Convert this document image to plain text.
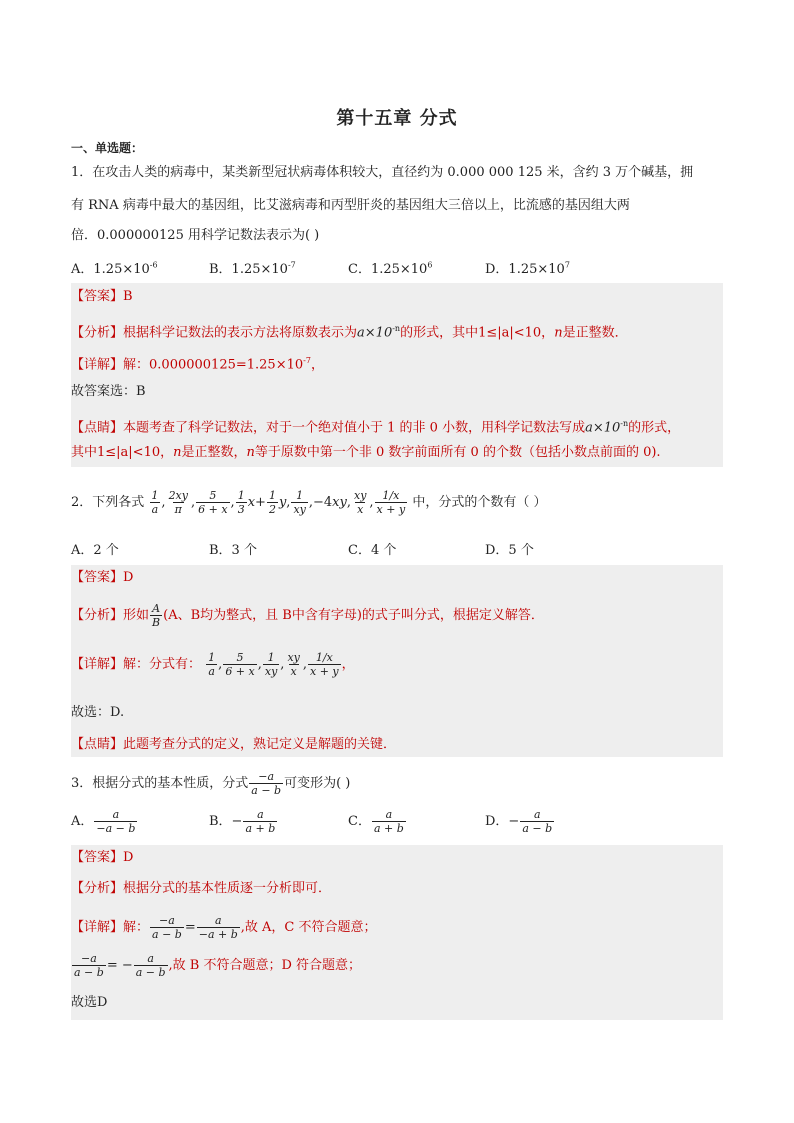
第十五章 分式
一、单选题：
1．在攻击人类的病毒中，某类新型冠状病毒体积较大，直径约为 0.000 000 125 米，含约 3 万个碱基，拥
有 RNA 病毒中最大的基因组，比艾滋病毒和丙型肝炎的基因组大三倍以上，比流感的基因组大两
倍．0.000000125 用科学记数法表示为( )
A．$1.25\times 10^{-6}$	B．$1.25\times 10^{-7}$	C．$1.25\times 10^6$	D．$1.25\times 10^7$
【答案】B
【分析】根据科学记数法的表示方法将原数表示为$a\times 10^{-n}$的形式，其中1≤|a|<10，n是正整数．
【详解】解：$0.000000125=1.25\times 10^{-7}$，
故答案选：B
【点睛】本题考查了科学记数法，对于一个绝对值小于 1 的非 0 小数，用科学记数法写成$a\times 10^{-n}$的形式，
其中1≤|a|<10，n是正整数，n等于原数中第一个非 0 数字前面所有 0 的个数（包括小数点前面的 0).
2．下列各式 $\frac{1}{a}$ , $\frac{2xy}{\pi}$ , $\frac{5}{6 + x}$ , $\frac{1}{3} x+ \frac{1}{2} y$, $\frac{1}{xy} ,-4xy$, $\frac{xy}{x}$ , $\frac{1/x}{x + y}$ 中，分式的个数有（ ）
A．2 个	B．3 个	C．4 个	D．5 个
【答案】D
【分析】形如 $\frac{A}{B} (A$、B均为整式，且 B中含有字母)的式子叫分式，根据定义解答．
【详解】解：分式有： $\frac{1}{a}$ , $\frac{5}{6 + x}$ , $\frac{1}{xy}$ , $\frac{xy}{x}$ , $\frac{1/x}{x + y}$ ，
故选：D.
【点睛】此题考查分式的定义，熟记定义是解题的关键．
3．根据分式的基本性质，分式 $\frac{-a}{a - b}$ 可变形为( )
A． $\frac{a}{-a - b}$	B．− $\frac{a}{a + b}$	C． $\frac{a}{a + b}$	D．− $\frac{a}{a - b}$
【答案】D
【分析】根据分式的基本性质逐一分析即可．
【详解】解： $\frac{-a}{a - b} = \frac{a}{-a + b}$ ,故 A，C 不符合题意；
$\frac{-a}{a - b}$ = − $\frac{a}{a - b}$ ,故 B 不符合题意；D 符合题意；
故选D
